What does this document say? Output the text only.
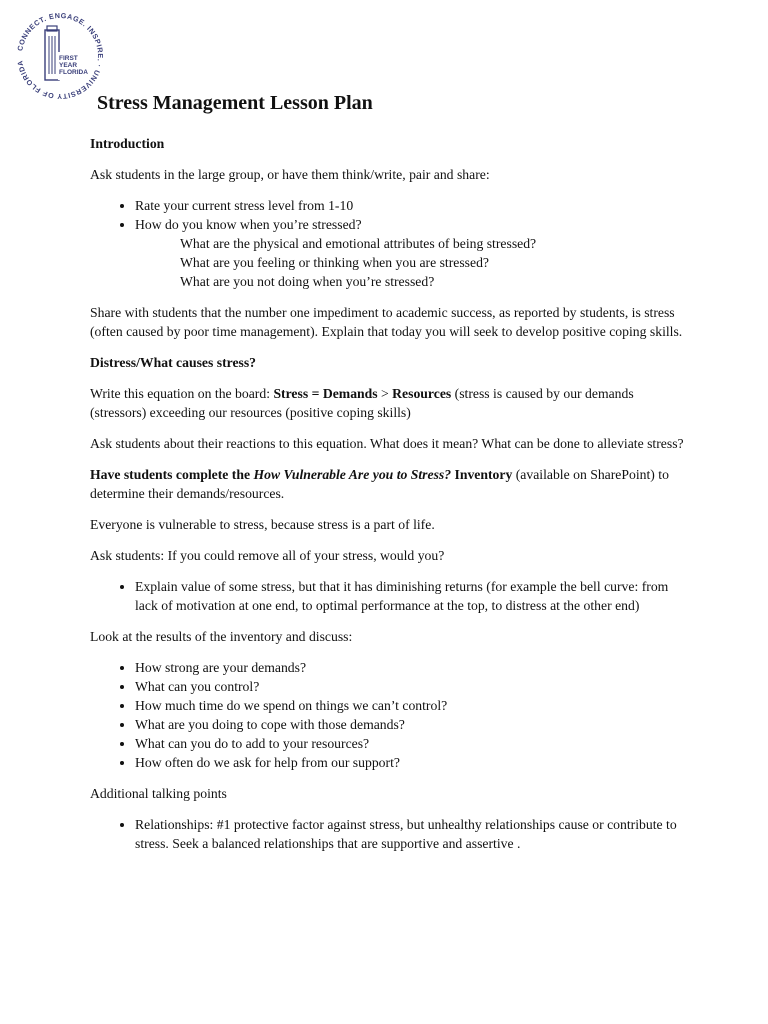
CONNECT. ENGAGE. INSPIRE. · UNIVERSITY OF FLORIDA
FIRST
YEAR
FLORIDA
Stress Management Lesson Plan

Introduction

Ask students in the large group, or have them think/write, pair and share:

• Rate your current stress level from 1-10
• How do you know when you’re stressed?
What are the physical and emotional attributes of being stressed?
What are you feeling or thinking when you are stressed?
What are you not doing when you’re stressed?

Share with students that the number one impediment to academic success, as reported by students, is stress (often caused by poor time management). Explain that today you will seek to develop positive coping skills.

Distress/What causes stress?

Write this equation on the board: Stress = Demands > Resources (stress is caused by our demands (stressors) exceeding our resources (positive coping skills)

Ask students about their reactions to this equation. What does it mean? What can be done to alleviate stress?

Have students complete the How Vulnerable Are you to Stress? Inventory (available on SharePoint) to determine their demands/resources.

Everyone is vulnerable to stress, because stress is a part of life.

Ask students: If you could remove all of your stress, would you?

• Explain value of some stress, but that it has diminishing returns (for example the bell curve: from lack of motivation at one end, to optimal performance at the top, to distress at the other end)

Look at the results of the inventory and discuss:

• How strong are your demands?
• What can you control?
• How much time do we spend on things we can’t control?
• What are you doing to cope with those demands?
• What can you do to add to your resources?
• How often do we ask for help from our support?

Additional talking points

• Relationships: #1 protective factor against stress, but unhealthy relationships cause or contribute to stress. Seek a balanced relationships that are supportive and assertive .
